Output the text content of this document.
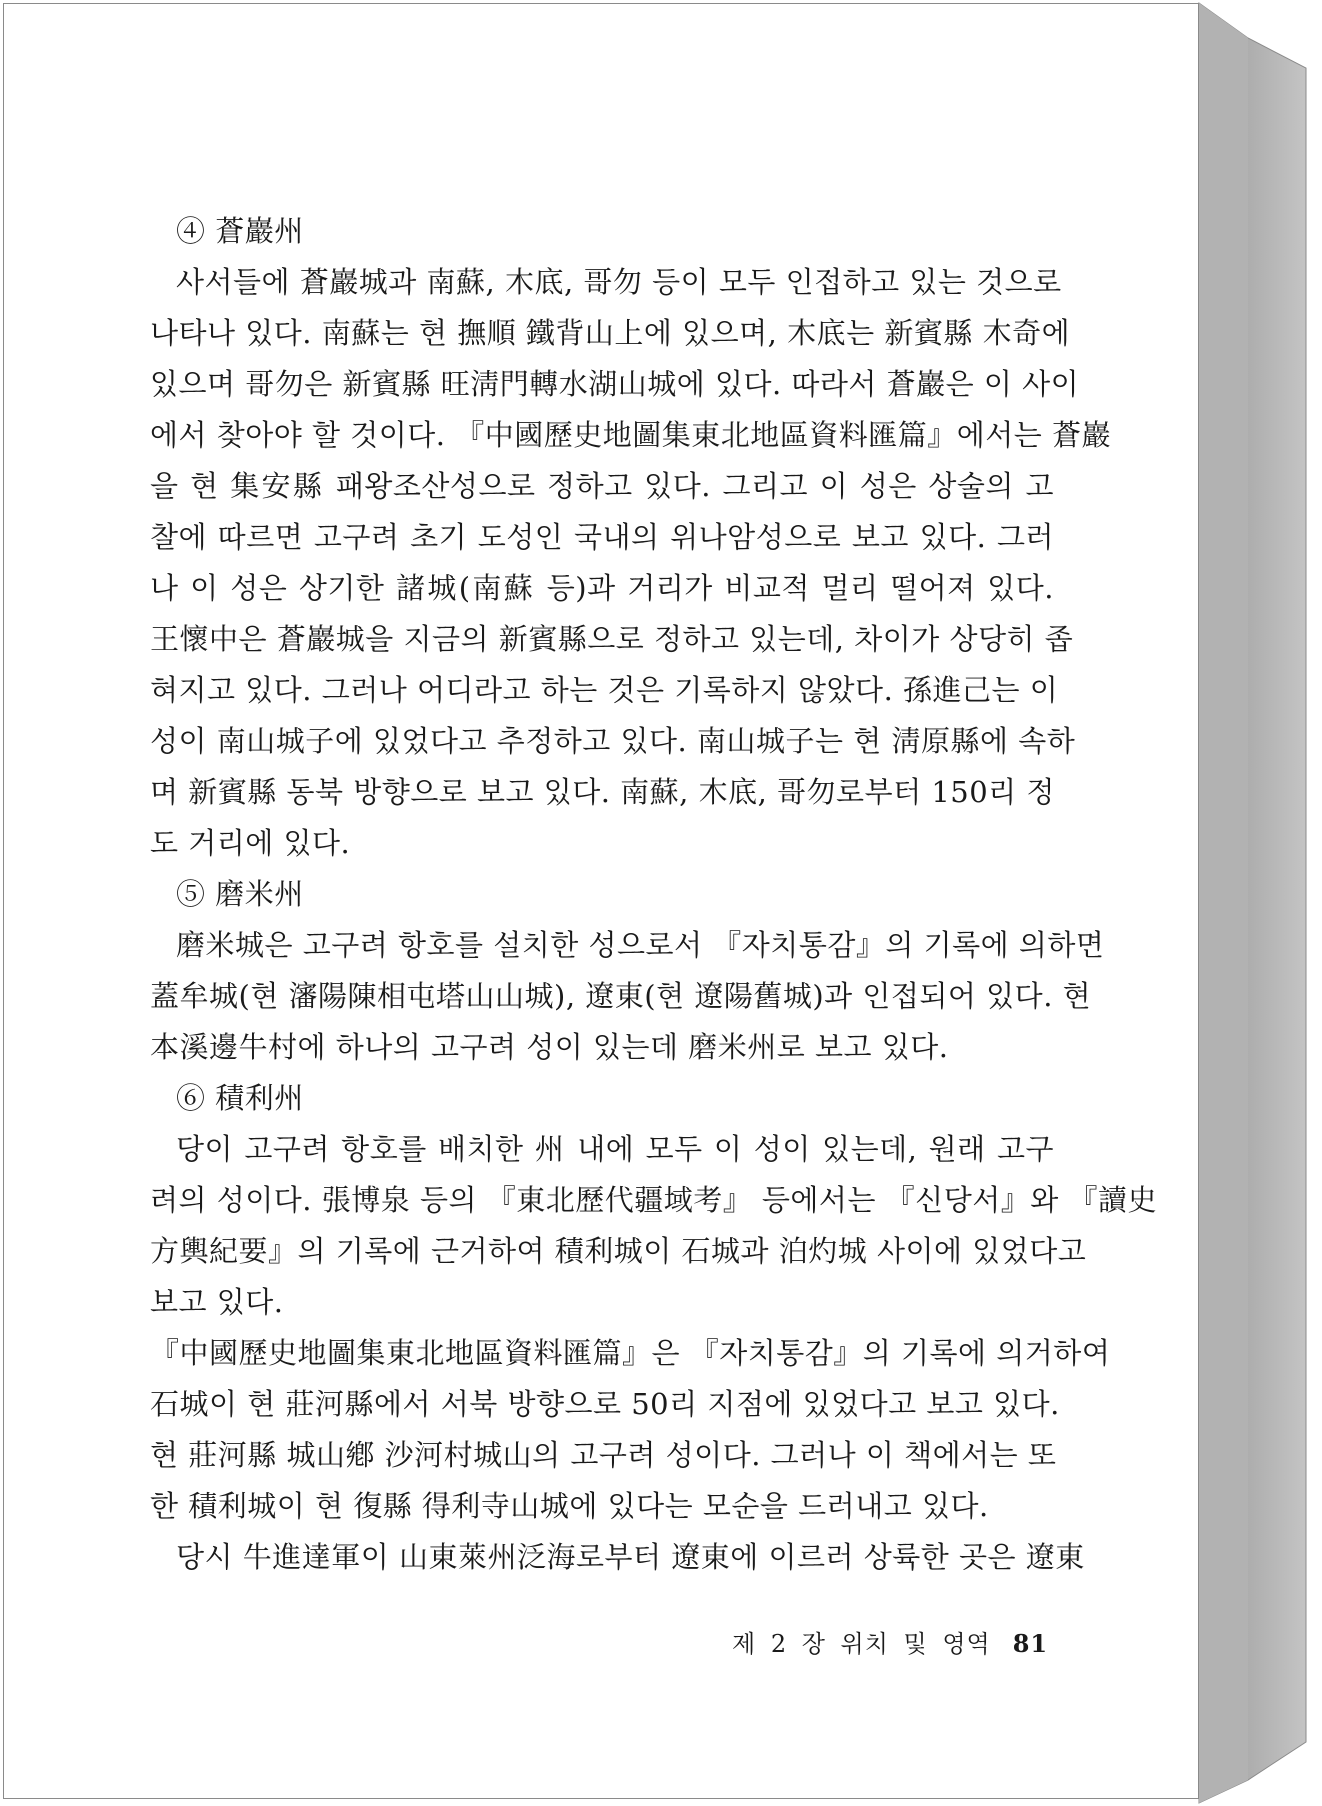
④ 蒼巖州
사서들에 蒼巖城과 南蘇, 木底, 哥勿 등이 모두 인접하고 있는 것으로
나타나 있다. 南蘇는 현 撫順 鐵背山上에 있으며, 木底는 新賓縣 木奇에
있으며 哥勿은 新賓縣 旺淸門轉水湖山城에 있다. 따라서 蒼巖은 이 사이
에서 찾아야 할 것이다. 『中國歷史地圖集東北地區資料匯篇』에서는 蒼巖
을 현 集安縣 패왕조산성으로 정하고 있다. 그리고 이 성은 상술의 고
찰에 따르면 고구려 초기 도성인 국내의 위나암성으로 보고 있다. 그러
나 이 성은 상기한 諸城(南蘇 등)과 거리가 비교적 멀리 떨어져 있다.
王懷中은 蒼巖城을 지금의 新賓縣으로 정하고 있는데, 차이가 상당히 좁
혀지고 있다. 그러나 어디라고 하는 것은 기록하지 않았다. 孫進己는 이
성이 南山城子에 있었다고 추정하고 있다. 南山城子는 현 淸原縣에 속하
며 新賓縣 동북 방향으로 보고 있다. 南蘇, 木底, 哥勿로부터 150리 정
도 거리에 있다.
⑤ 磨米州
磨米城은 고구려 항호를 설치한 성으로서 『자치통감』의 기록에 의하면
蓋牟城(현 瀋陽陳相屯塔山山城), 遼東(현 遼陽舊城)과 인접되어 있다. 현
本溪邊牛村에 하나의 고구려 성이 있는데 磨米州로 보고 있다.
⑥ 積利州
당이 고구려 항호를 배치한 州 내에 모두 이 성이 있는데, 원래 고구
려의 성이다. 張博泉 등의 『東北歷代疆域考』 등에서는 『신당서』와 『讀史
方輿紀要』의 기록에 근거하여 積利城이 石城과 泊灼城 사이에 있었다고
보고 있다.
『中國歷史地圖集東北地區資料匯篇』은 『자치통감』의 기록에 의거하여
石城이 현 莊河縣에서 서북 방향으로 50리 지점에 있었다고 보고 있다.
현 莊河縣 城山鄕 沙河村城山의 고구려 성이다. 그러나 이 책에서는 또
한 積利城이 현 復縣 得利寺山城에 있다는 모순을 드러내고 있다.
당시 牛進達軍이 山東萊州泛海로부터 遼東에 이르러 상륙한 곳은 遼東
제 2 장 위치 및 영역 81
